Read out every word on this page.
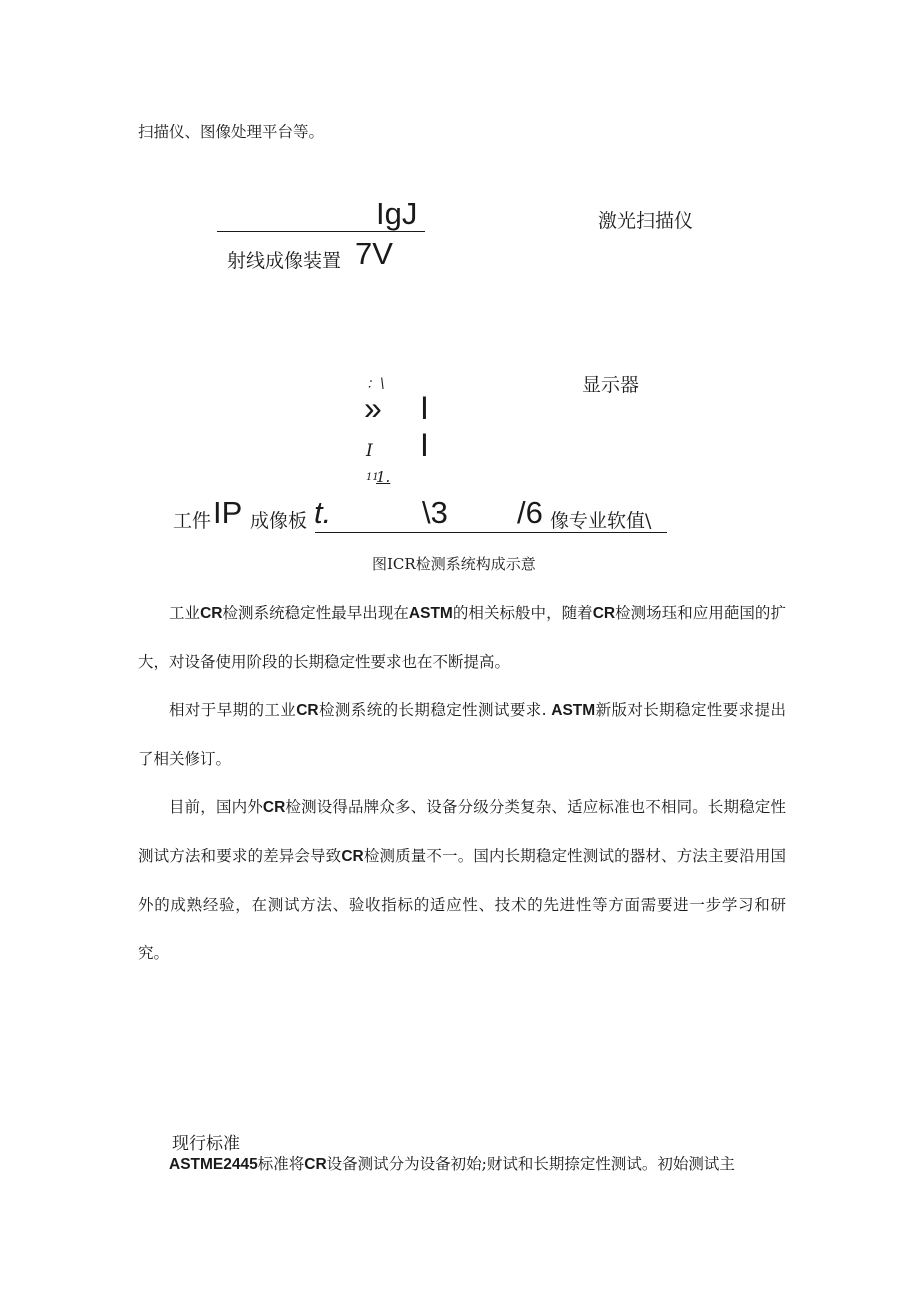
扫描仪、图像处理平台等。
IgJ	激光扫描仪
射线成像装置 7V
：\	显示器
» I
I I
11
1.
工件 IP 成像板 t.	\3 /6 像专业软值\
图ICR检测系统构成示意

工业CR检测系统稳定性最早出现在ASTM的相关标般中，随着CR检测场珏和应用葩国的扩大，对设备使用阶段的长期稳定性要求也在不断提高。

相对于早期的工业CR检测系统的长期稳定性测试要求. ASTM新版对长期稳定性要求提出了相关修订。

目前，国内外CR检测设得品牌众多、设备分级分类复杂、适应标准也不相同。长期稳定性测试方法和要求的差异会导致CR检测质量不一。国内长期稳定性测试的器材、方法主要沿用国外的成熟经验，在测试方法、验收指标的适应性、技术的先进性等方面需要进一步学习和研究。

现行标准

ASTME2445标准将CR设备测试分为设备初始;财试和长期捺定性测试。初始测试主
